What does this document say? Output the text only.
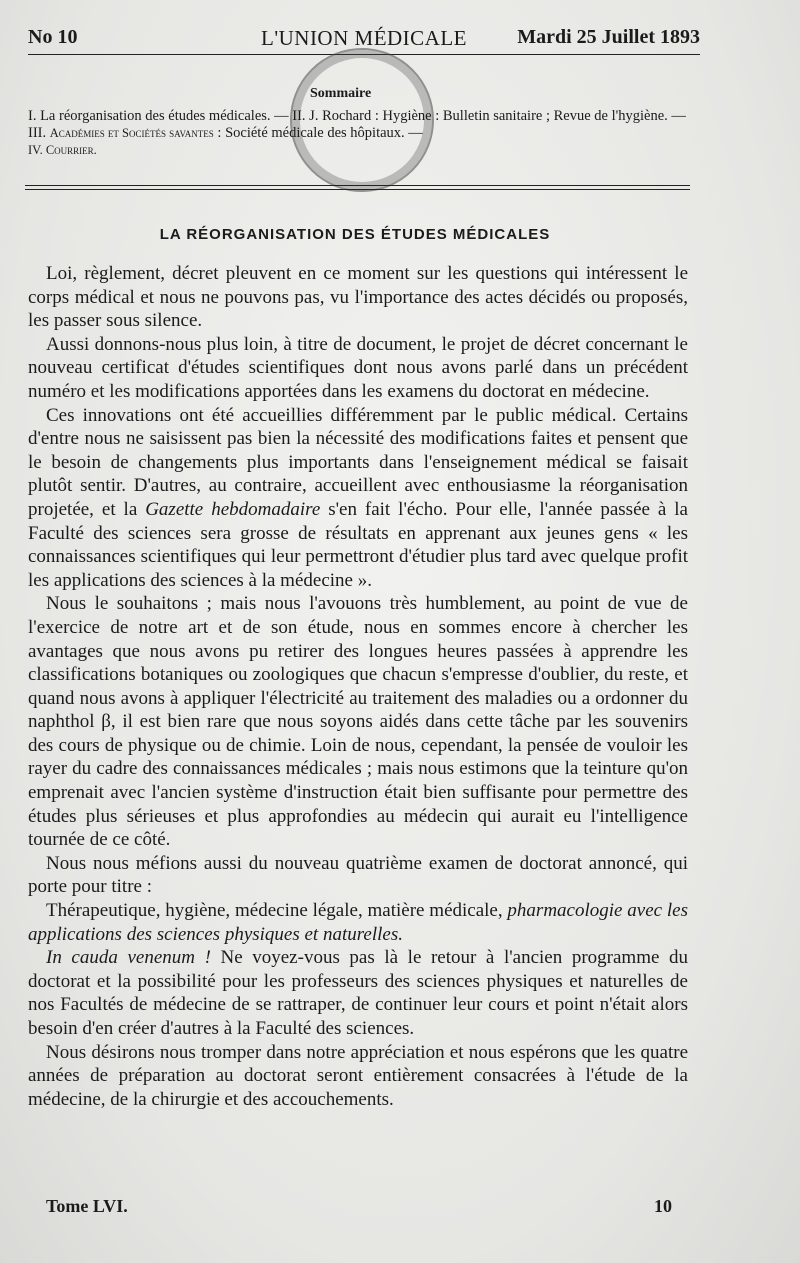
No 10	L'UNION MÉDICALE	Mardi 25 Juillet 1893
Sommaire
I. La réorganisation des études médicales. — II. J. Rochard : Hygiène : Bulletin sanitaire ; Revue de l'hygiène. — III. Académies et Sociétés savantes : Société médicale des hôpitaux. —
IV. Courrier.
LA RÉORGANISATION DES ÉTUDES MÉDICALES

Loi, règlement, décret pleuvent en ce moment sur les questions qui intéressent le corps médical et nous ne pouvons pas, vu l'importance des actes décidés ou proposés, les passer sous silence.

Aussi donnons-nous plus loin, à titre de document, le projet de décret concernant le nouveau certificat d'études scientifiques dont nous avons parlé dans un précédent numéro et les modifications apportées dans les examens du doctorat en médecine.

Ces innovations ont été accueillies différemment par le public médical. Certains d'entre nous ne saisissent pas bien la nécessité des modifications faites et pensent que le besoin de changements plus importants dans l'enseignement médical se faisait plutôt sentir. D'autres, au contraire, accueillent avec enthousiasme la réorganisation projetée, et la Gazette hebdomadaire s'en fait l'écho. Pour elle, l'année passée à la Faculté des sciences sera grosse de résultats en apprenant aux jeunes gens « les connaissances scientifiques qui leur permettront d'étudier plus tard avec quelque profit les applications des sciences à la médecine ».

Nous le souhaitons ; mais nous l'avouons très humblement, au point de vue de l'exercice de notre art et de son étude, nous en sommes encore à chercher les avantages que nous avons pu retirer des longues heures passées à apprendre les classifications botaniques ou zoologiques que chacun s'empresse d'oublier, du reste, et quand nous avons à appliquer l'électricité au traitement des maladies ou a ordonner du naphthol β, il est bien rare que nous soyons aidés dans cette tâche par les souvenirs des cours de physique ou de chimie. Loin de nous, cependant, la pensée de vouloir les rayer du cadre des connaissances médicales ; mais nous estimons que la teinture qu'on emprenait avec l'ancien système d'instruction était bien suffisante pour permettre des études plus sérieuses et plus approfondies au médecin qui aurait eu l'intelligence tournée de ce côté.

Nous nous méfions aussi du nouveau quatrième examen de doctorat annoncé, qui porte pour titre :

Thérapeutique, hygiène, médecine légale, matière médicale, pharmacologie avec les applications des sciences physiques et naturelles.

In cauda venenum ! Ne voyez-vous pas là le retour à l'ancien programme du doctorat et la possibilité pour les professeurs des sciences physiques et naturelles de nos Facultés de médecine de se rattraper, de continuer leur cours et point n'était alors besoin d'en créer d'autres à la Faculté des sciences.

Nous désirons nous tromper dans notre appréciation et nous espérons que les quatre années de préparation au doctorat seront entièrement consacrées à l'étude de la médecine, de la chirurgie et des accouchements.

Tome LVI.	10
